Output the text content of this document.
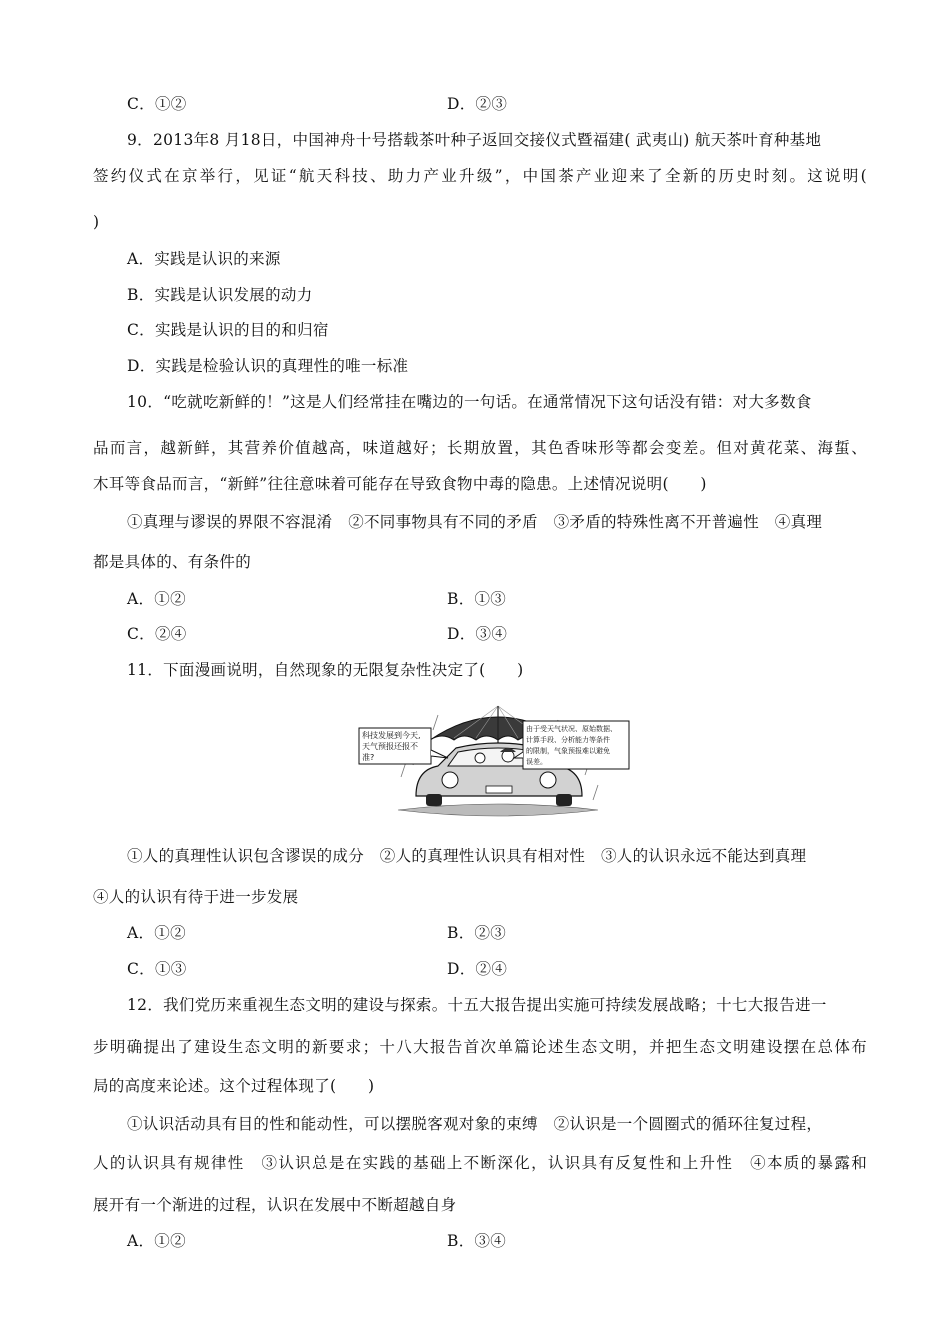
C．①②	D．②③
9．2013年8 月18日，中国神舟十号搭载茶叶种子返回交接仪式暨福建( 武夷山) 航天茶叶育种基地
签约仪式在京举行，见证“航天科技、助力产业升级”，中国茶产业迎来了全新的历史时刻。这说明(
)
A．实践是认识的来源
B．实践是认识发展的动力
C．实践是认识的目的和归宿
D．实践是检验认识的真理性的唯一标准
10．“吃就吃新鲜的！”这是人们经常挂在嘴边的一句话。在通常情况下这句话没有错：对大多数食
品而言，越新鲜，其营养价值越高，味道越好；长期放置，其色香味形等都会变差。但对黄花菜、海蜇、
木耳等食品而言，“新鲜”往往意味着可能存在导致食物中毒的隐患。上述情况说明(　　)
①真理与谬误的界限不容混淆　②不同事物具有不同的矛盾　③矛盾的特殊性离不开普遍性　④真理
都是具体的、有条件的
A．①②	B．①③
C．②④	D．③④
11．下面漫画说明，自然现象的无限复杂性决定了(　　)
科技发展到今天,
天气预报还报不
准?
由于受天气状况、原始数据、
计算手段、分析能力等条件
的限制，气象预报难以避免
误差。
①人的真理性认识包含谬误的成分　②人的真理性认识具有相对性　③人的认识永远不能达到真理
④人的认识有待于进一步发展
A．①②	B．②③
C．①③	D．②④
12．我们党历来重视生态文明的建设与探索。十五大报告提出实施可持续发展战略；十七大报告进一
步明确提出了建设生态文明的新要求；十八大报告首次单篇论述生态文明，并把生态文明建设摆在总体布
局的高度来论述。这个过程体现了(　　)
①认识活动具有目的性和能动性，可以摆脱客观对象的束缚　②认识是一个圆圈式的循环往复过程，
人的认识具有规律性　③认识总是在实践的基础上不断深化，认识具有反复性和上升性　④本质的暴露和
展开有一个渐进的过程，认识在发展中不断超越自身
A．①②	B．③④
